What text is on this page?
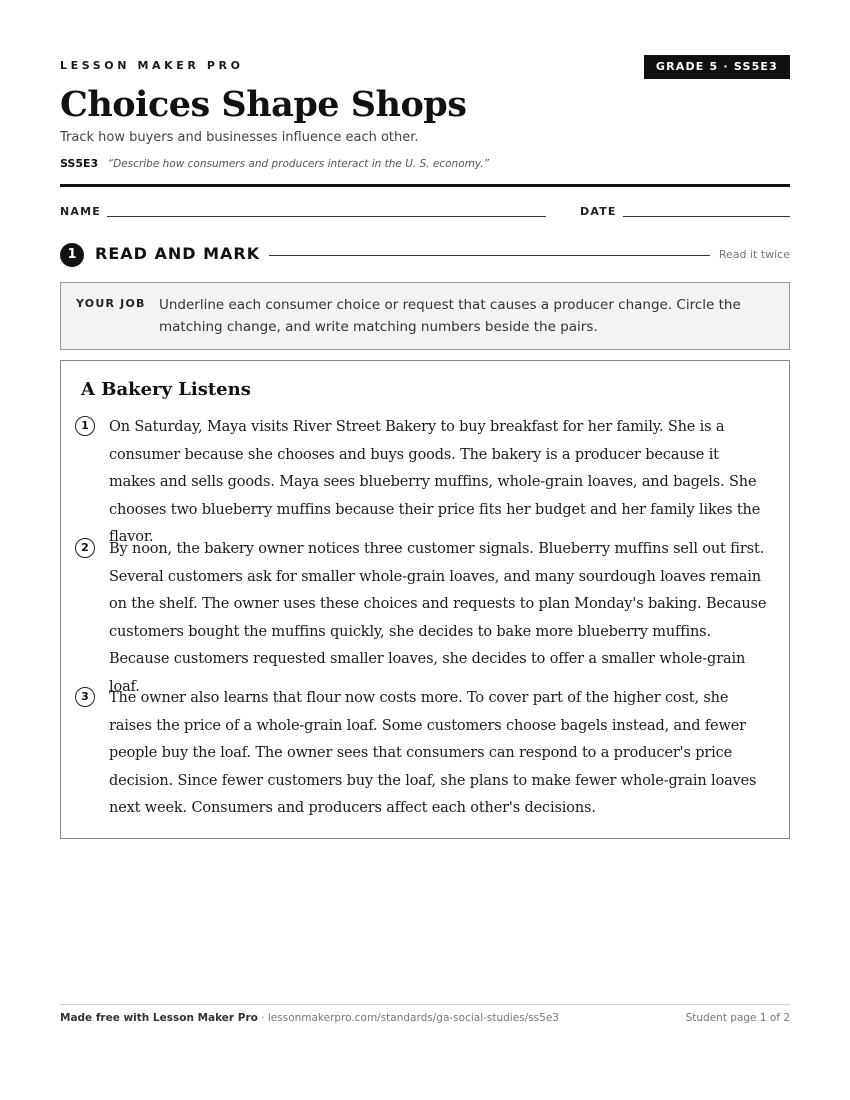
LESSON MAKER PRO	GRADE 5 · SS5E3
Choices Shape Shops
Track how buyers and businesses influence each other.
SS5E3 “Describe how consumers and producers interact in the U. S. economy.”
NAME	DATE
1	READ AND MARK	Read it twice
YOUR JOB Underline each consumer choice or request that causes a producer change. Circle the matching change, and write matching numbers beside the pairs.
A Bakery Listens
1	On Saturday, Maya visits River Street Bakery to buy breakfast for her family. She is a consumer because she chooses and buys goods. The bakery is a producer because it makes and sells goods. Maya sees blueberry muffins, whole-grain loaves, and bagels. She chooses two blueberry muffins because their price fits her budget and her family likes the flavor.
2	By noon, the bakery owner notices three customer signals. Blueberry muffins sell out first. Several customers ask for smaller whole-grain loaves, and many sourdough loaves remain on the shelf. The owner uses these choices and requests to plan Monday's baking. Because customers bought the muffins quickly, she decides to bake more blueberry muffins. Because customers requested smaller loaves, she decides to offer a smaller whole-grain loaf.
3	The owner also learns that flour now costs more. To cover part of the higher cost, she raises the price of a whole-grain loaf. Some customers choose bagels instead, and fewer people buy the loaf. The owner sees that consumers can respond to a producer's price decision. Since fewer customers buy the loaf, she plans to make fewer whole-grain loaves next week. Consumers and producers affect each other's decisions.
Made free with Lesson Maker Pro · lessonmakerpro.com/standards/ga-social-studies/ss5e3	Student page 1 of 2
